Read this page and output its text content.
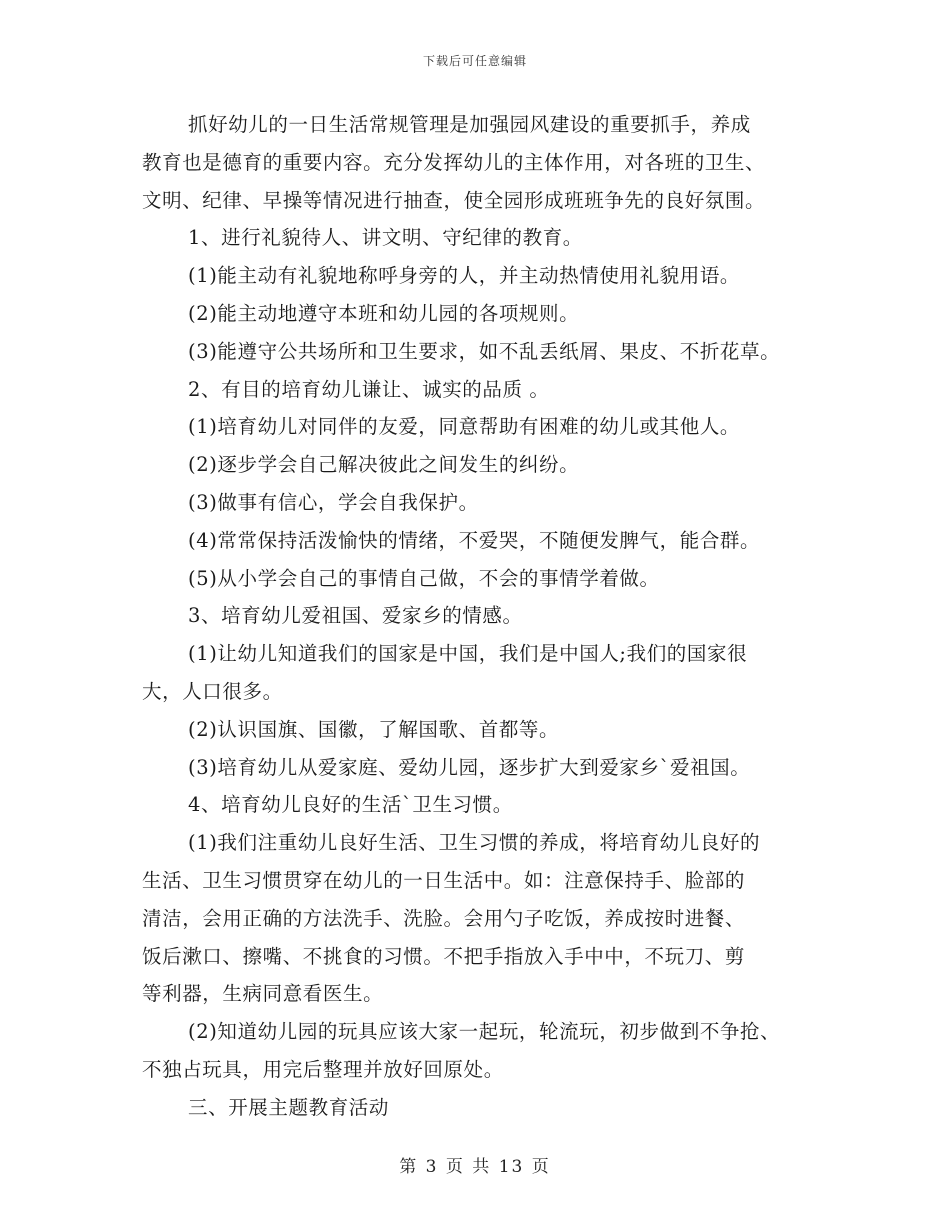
下载后可任意编辑
抓好幼儿的一日生活常规管理是加强园风建设的重要抓手，养成
教育也是德育的重要内容。充分发挥幼儿的主体作用，对各班的卫生、
文明、纪律、早操等情况进行抽查，使全园形成班班争先的良好氛围。
1、进行礼貌待人、讲文明、守纪律的教育。
(1)能主动有礼貌地称呼身旁的人，并主动热情使用礼貌用语。
(2)能主动地遵守本班和幼儿园的各项规则。
(3)能遵守公共场所和卫生要求，如不乱丢纸屑、果皮、不折花草。
2、有目的培育幼儿谦让、诚实的品质 。
(1)培育幼儿对同伴的友爱，同意帮助有困难的幼儿或其他人。
(2)逐步学会自己解决彼此之间发生的纠纷。
(3)做事有信心，学会自我保护。
(4)常常保持活泼愉快的情绪，不爱哭，不随便发脾气，能合群。
(5)从小学会自己的事情自己做，不会的事情学着做。
3、培育幼儿爱祖国、爱家乡的情感。
(1)让幼儿知道我们的国家是中国，我们是中国人;我们的国家很
大，人口很多。
(2)认识国旗、国徽，了解国歌、首都等。
(3)培育幼儿从爱家庭、爱幼儿园，逐步扩大到爱家乡`爱祖国。
4、培育幼儿良好的生活`卫生习惯。
(1)我们注重幼儿良好生活、卫生习惯的养成，将培育幼儿良好的
生活、卫生习惯贯穿在幼儿的一日生活中。如：注意保持手、脸部的
清洁，会用正确的方法洗手、洗脸。会用勺子吃饭，养成按时进餐、
饭后漱口、擦嘴、不挑食的习惯。不把手指放入手中中，不玩刀、剪
等利器，生病同意看医生。
(2)知道幼儿园的玩具应该大家一起玩，轮流玩，初步做到不争抢、
不独占玩具，用完后整理并放好回原处。
三、开展主题教育活动
第 3 页 共 13 页
